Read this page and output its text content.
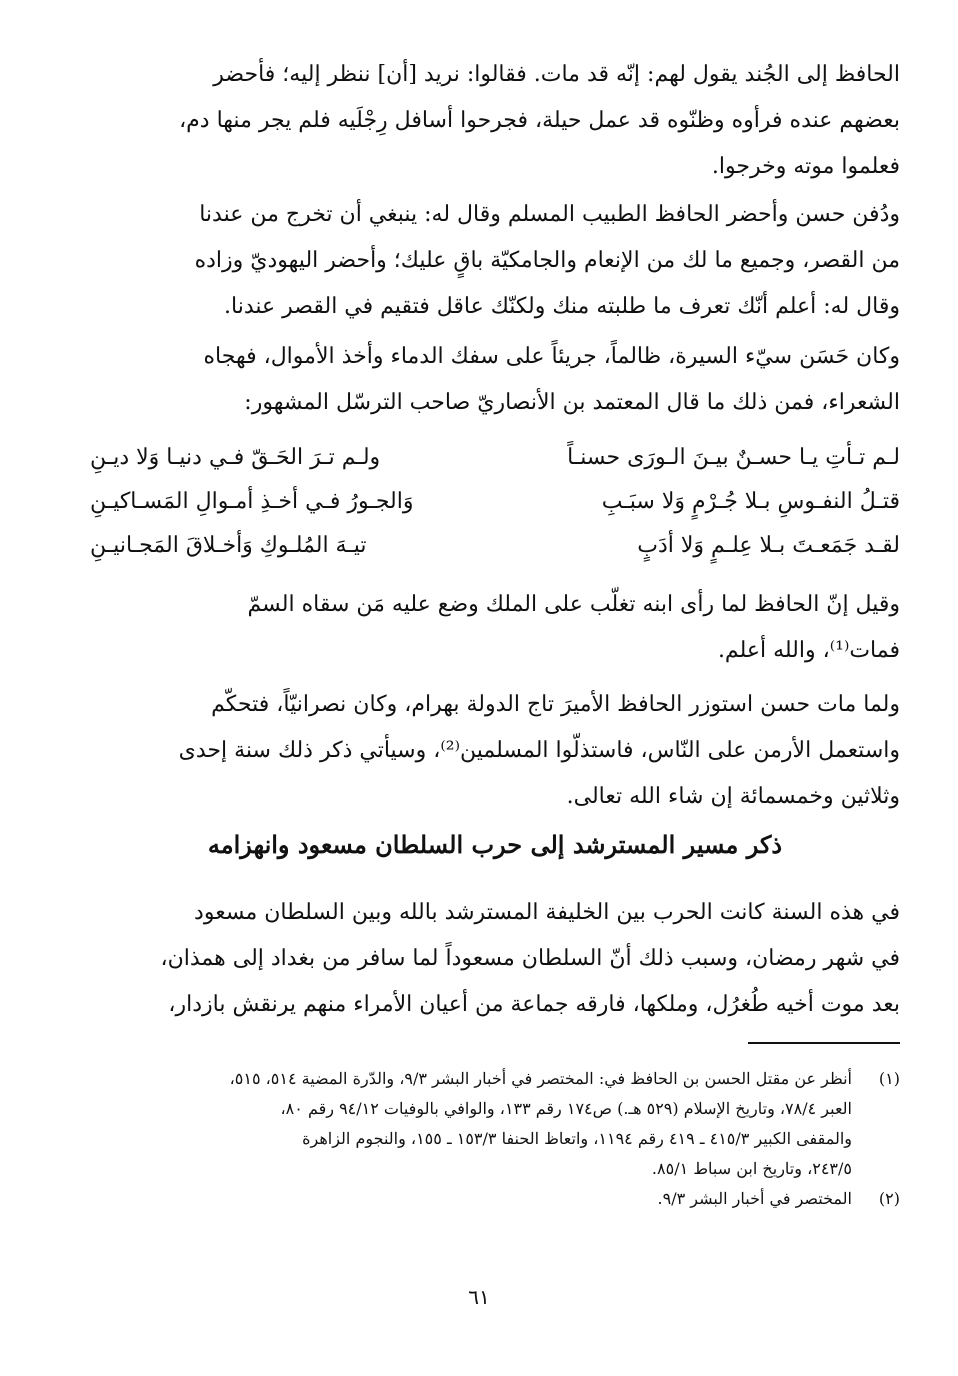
الحافظ إلى الجُند يقول لهم: إنّه قد مات. فقالوا: نريد [أن] ننظر إليه؛ فأحضر
بعضهم عنده فرأوه وظنّوه قد عمل حيلة، فجرحوا أسافل رِجْلَيه فلم يجر منها دم،
فعلموا موته وخرجوا.
ودُفن حسن وأحضر الحافظ الطبيب المسلم وقال له: ينبغي أن تخرج من عندنا
من القصر، وجميع ما لك من الإنعام والجامكيّة باقٍ عليك؛ وأحضر اليهوديّ وزاده
وقال له: أعلم أنّك تعرف ما طلبته منك ولكنّك عاقل فتقيم في القصر عندنا.
وكان حَسَن سيّء السيرة، ظالماً، جريئاً على سفك الدماء وأخذ الأموال، فهجاه
الشعراء، فمن ذلك ما قال المعتمد بن الأنصاريّ صاحب الترسّل المشهور:
لـم تـأتِ يـا حسـنٌ بيـنَ الـورَى حسنـاً
ولـم تـرَ الحَـقّ فـي دنيـا وَلا ديـنِ
قتـلُ النفـوسِ بـلا جُـرْمٍ وَلا سبَـبِ
وَالجـورُ فـي أخـذِ أمـوالِ المَسـاكيـنِ
لقـد جَمَعـتَ بـلا عِلـمٍ وَلا أدَبٍ
تيـهَ المُلـوكِ وَأخـلاقَ المَجـانيـنِ
وقيل إنّ الحافظ لما رأى ابنه تغلّب على الملك وضع عليه مَن سقاه السمّ
فمات⁽¹⁾، والله أعلم.
ولما مات حسن استوزر الحافظ الأميرَ تاج الدولة بهرام، وكان نصرانيّاً، فتحكّم
واستعمل الأرمن على النّاس، فاستذلّوا المسلمين⁽²⁾، وسيأتي ذكر ذلك سنة إحدى
وثلاثين وخمسمائة إن شاء الله تعالى.
ذكر مسير المسترشد إلى حرب السلطان مسعود وانهزامه
في هذه السنة كانت الحرب بين الخليفة المسترشد بالله وبين السلطان مسعود
في شهر رمضان، وسبب ذلك أنّ السلطان مسعوداً لما سافر من بغداد إلى همذان،
بعد موت أخيه طُغرُل، وملكها، فارقه جماعة من أعيان الأمراء منهم يرنقش بازدار،
(١)
أنظر عن مقتل الحسن بن الحافظ في: المختصر في أخبار البشر ٩/٣، والدّرة المضية ٥١٤، ٥١٥،
العبر ٧٨/٤، وتاريخ الإسلام (٥٢٩ هـ.) ص١٧٤ رقم ١٣٣، والوافي بالوفيات ٩٤/١٢ رقم ٨٠،
والمقفى الكبير ٤١٥/٣ ـ ٤١٩ رقم ١١٩٤، واتعاظ الحنفا ١٥٣/٣ ـ ١٥٥، والنجوم الزاهرة
٢٤٣/٥، وتاريخ ابن سباط ٨٥/١.
(٢)
المختصر في أخبار البشر ٩/٣.
٦١
